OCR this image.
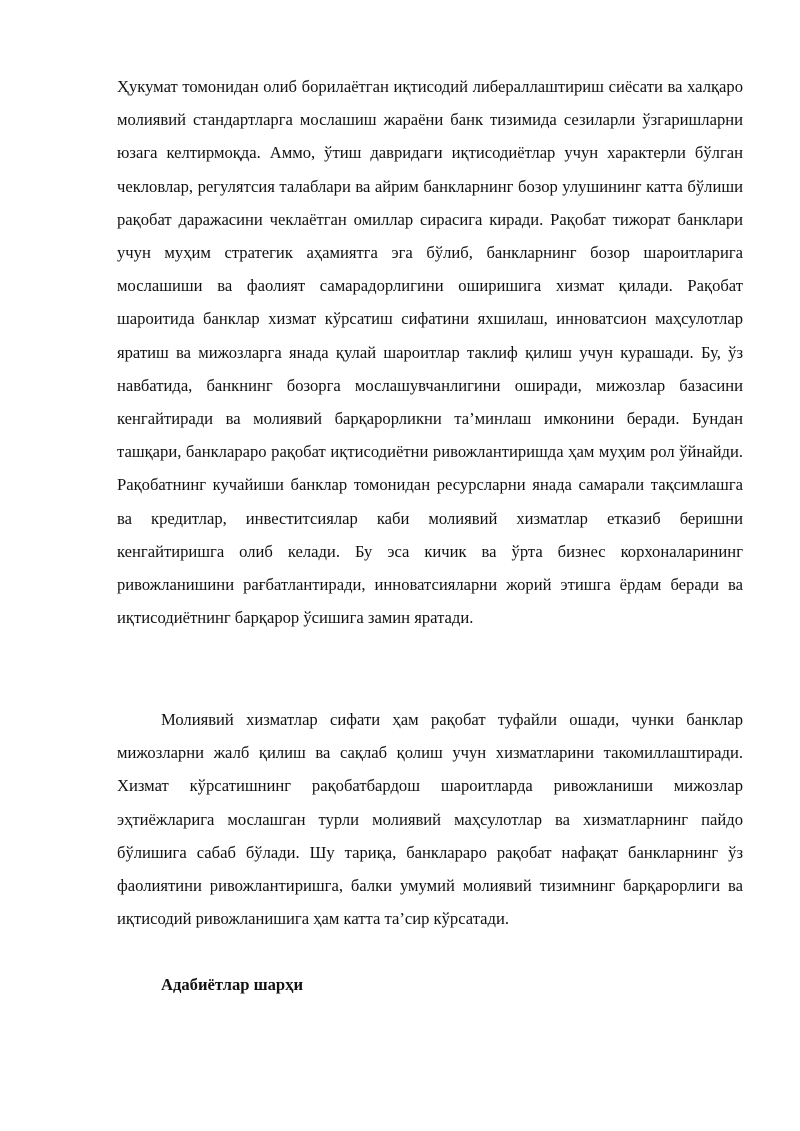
Ҳукумат томонидан олиб борилаётган иқтисодий либераллаштириш сиёсати ва халқаро молиявий стандартларга мослашиш жараёни банк тизимида сезиларли ўзгаришларни юзага келтирмоқда. Аммо, ўтиш давридаги иқтисодиётлар учун характерли бўлган чекловлар, регулятсия талаблари ва айрим банкларнинг бозор улушининг катта бўлиши рақобат даражасини чеклаётган омиллар сирасига киради. Рақобат тижорат банклари учун муҳим стратегик аҳамиятга эга бўлиб, банкларнинг бозор шароитларига мослашиши ва фаолият самарадорлигини оширишига хизмат қилади. Рақобат шароитида банклар хизмат кўрсатиш сифатини яхшилаш, инноватсион маҳсулотлар яратиш ва мижозларга янада қулай шароитлар таклиф қилиш учун курашади. Бу, ўз навбатида, банкнинг бозорга мослашувчанлигини оширади, мижозлар базасини кенгайтиради ва молиявий барқарорликни та’минлаш имконини беради. Бундан ташқари, банклараро рақобат иқтисодиётни ривожлантиришда ҳам муҳим рол ўйнайди. Рақобатнинг кучайиши банклар томонидан ресурсларни янада самарали тақсимлашга ва кредитлар, инвеститсиялар каби молиявий хизматлар етказиб беришни кенгайтиришга олиб келади. Бу эса кичик ва ўрта бизнес корхоналарининг ривожланишини рағбатлантиради, инноватсияларни жорий этишга ёрдам беради ва иқтисодиётнинг барқарор ўсишига замин яратади.

Молиявий хизматлар сифати ҳам рақобат туфайли ошади, чунки банклар мижозларни жалб қилиш ва сақлаб қолиш учун хизматларини такомиллаштиради. Хизмат кўрсатишнинг рақобатбардош шароитларда ривожланиши мижозлар эҳтиёжларига мослашган турли молиявий маҳсулотлар ва хизматларнинг пайдо бўлишига сабаб бўлади. Шу тариқа, банклараро рақобат нафақат банкларнинг ўз фаолиятини ривожлантиришга, балки умумий молиявий тизимнинг барқарорлиги ва иқтисодий ривожланишига ҳам катта та’сир кўрсатади.

Адабиётлар шарҳи
